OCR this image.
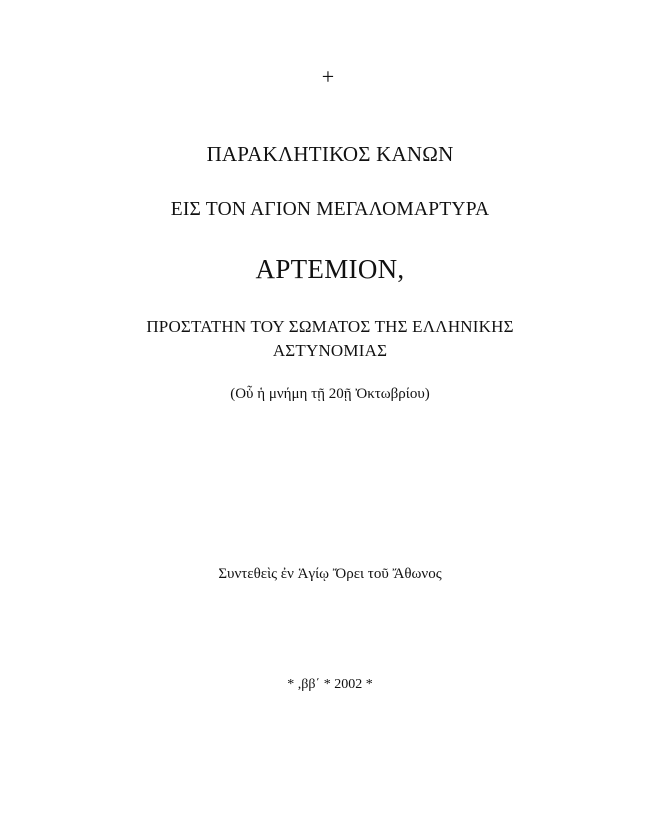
+
ΠΑΡΑΚΛΗΤΙΚΟΣ ΚΑΝΩΝ
ΕΙΣ ΤΟΝ ΑΓΙΟΝ ΜΕΓΑΛΟΜΑΡΤΥΡΑ
ΑΡΤΕΜΙΟΝ,
ΠΡΟΣΤΑΤΗΝ ΤΟΥ ΣΩΜΑΤΟΣ ΤΗΣ ΕΛΛΗΝΙΚΗΣ
ΑΣΤΥΝΟΜΙΑΣ
(Οὗ ἡ μνήμη τῇ 20ῇ Ὀκτωβρίου)
Συντεθεὶς ἐν Ἁγίῳ Ὄρει τοῦ Ἄθωνος
* ,ββ΄ * 2002 *
